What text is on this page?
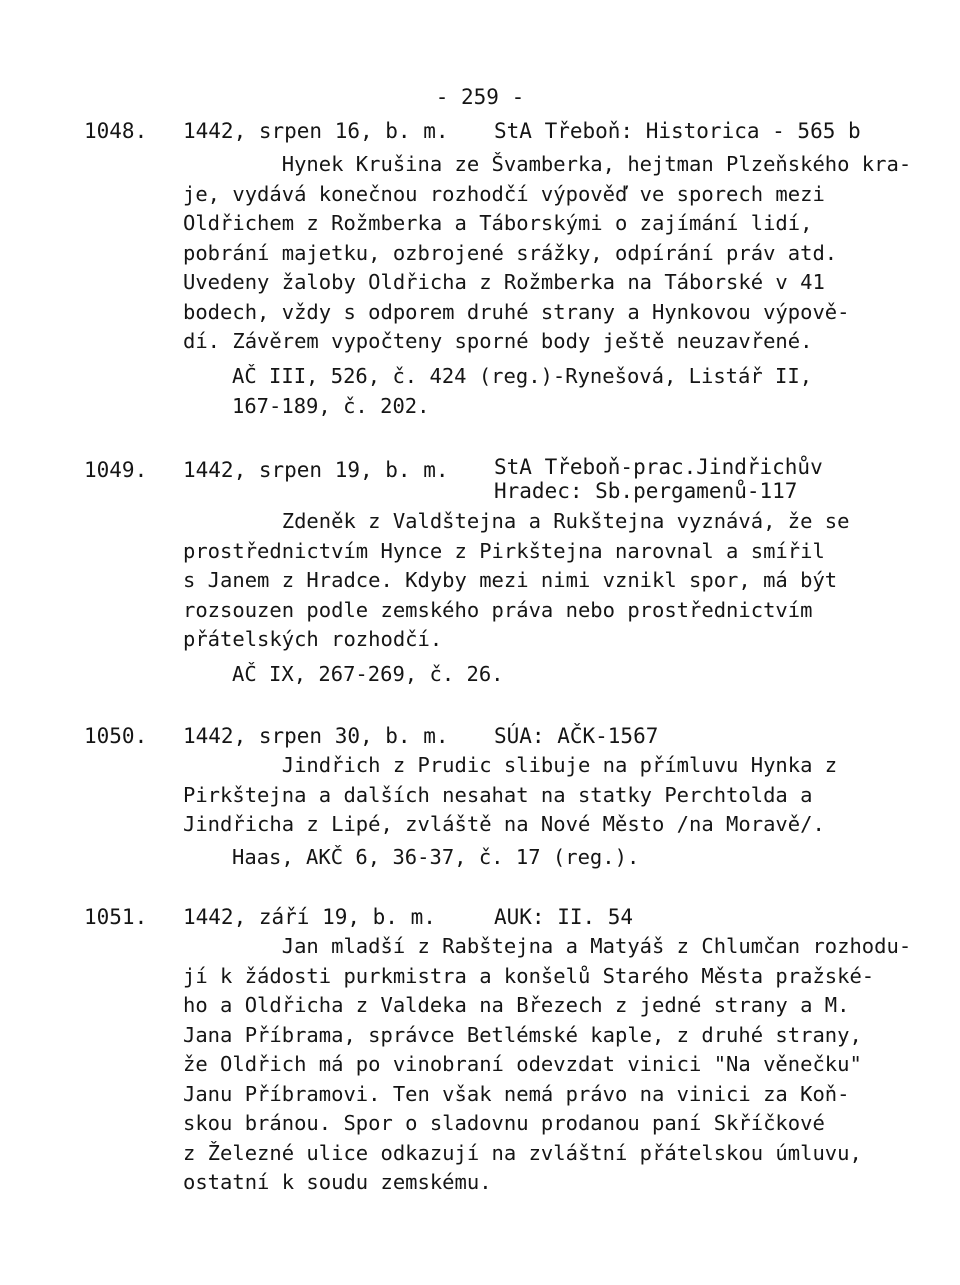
- 259 -
1048. 1442, srpen 16, b. m. StA Třeboň: Historica - 565 b
Hynek Krušina ze Švamberka, hejtman Plzeňského kra-
je, vydává konečnou rozhodčí výpověď ve sporech mezi
Oldřichem z Rožmberka a Táborskými o zajímání lidí,
pobrání majetku, ozbrojené srážky, odpírání práv atd.
Uvedeny žaloby Oldřicha z Rožmberka na Táborské v 41
bodech, vždy s odporem druhé strany a Hynkovou výpově-
dí. Závěrem vypočteny sporné body ještě neuzavřené.
AČ III, 526, č. 424 (reg.)-Rynešová, Listář II,
167-189, č. 202.
1049. 1442, srpen 19, b. m. StA Třeboň-prac.Jindřichův
Hradec: Sb.pergamenů-117
Zdeněk z Valdštejna a Rukštejna vyznává, že se
prostřednictvím Hynce z Pirkštejna narovnal a smířil
s Janem z Hradce. Kdyby mezi nimi vznikl spor, má být
rozsouzen podle zemského práva nebo prostřednictvím
přátelských rozhodčí.
AČ IX, 267-269, č. 26.
1050. 1442, srpen 30, b. m. SÚA: AČK-1567
Jindřich z Prudic slibuje na přímluvu Hynka z
Pirkštejna a dalších nesahat na statky Perchtolda a
Jindřicha z Lipé, zvláště na Nové Město /na Moravě/.
Haas, AKČ 6, 36-37, č. 17 (reg.).
1051. 1442, září 19, b. m.	AUK: II. 54
Jan mladší z Rabštejna a Matyáš z Chlumčan rozhodu-
jí k žádosti purkmistra a konšelů Starého Města pražské-
ho a Oldřicha z Valdeka na Březech z jedné strany a M.
Jana Příbrama, správce Betlémské kaple, z druhé strany,
že Oldřich má po vinobraní odevzdat vinici "Na věnečku"
Janu Příbramovi. Ten však nemá právo na vinici za Koň-
skou bránou. Spor o sladovnu prodanou paní Skříčkové
z Železné ulice odkazují na zvláštní přátelskou úmluvu,
ostatní k soudu zemskému.
